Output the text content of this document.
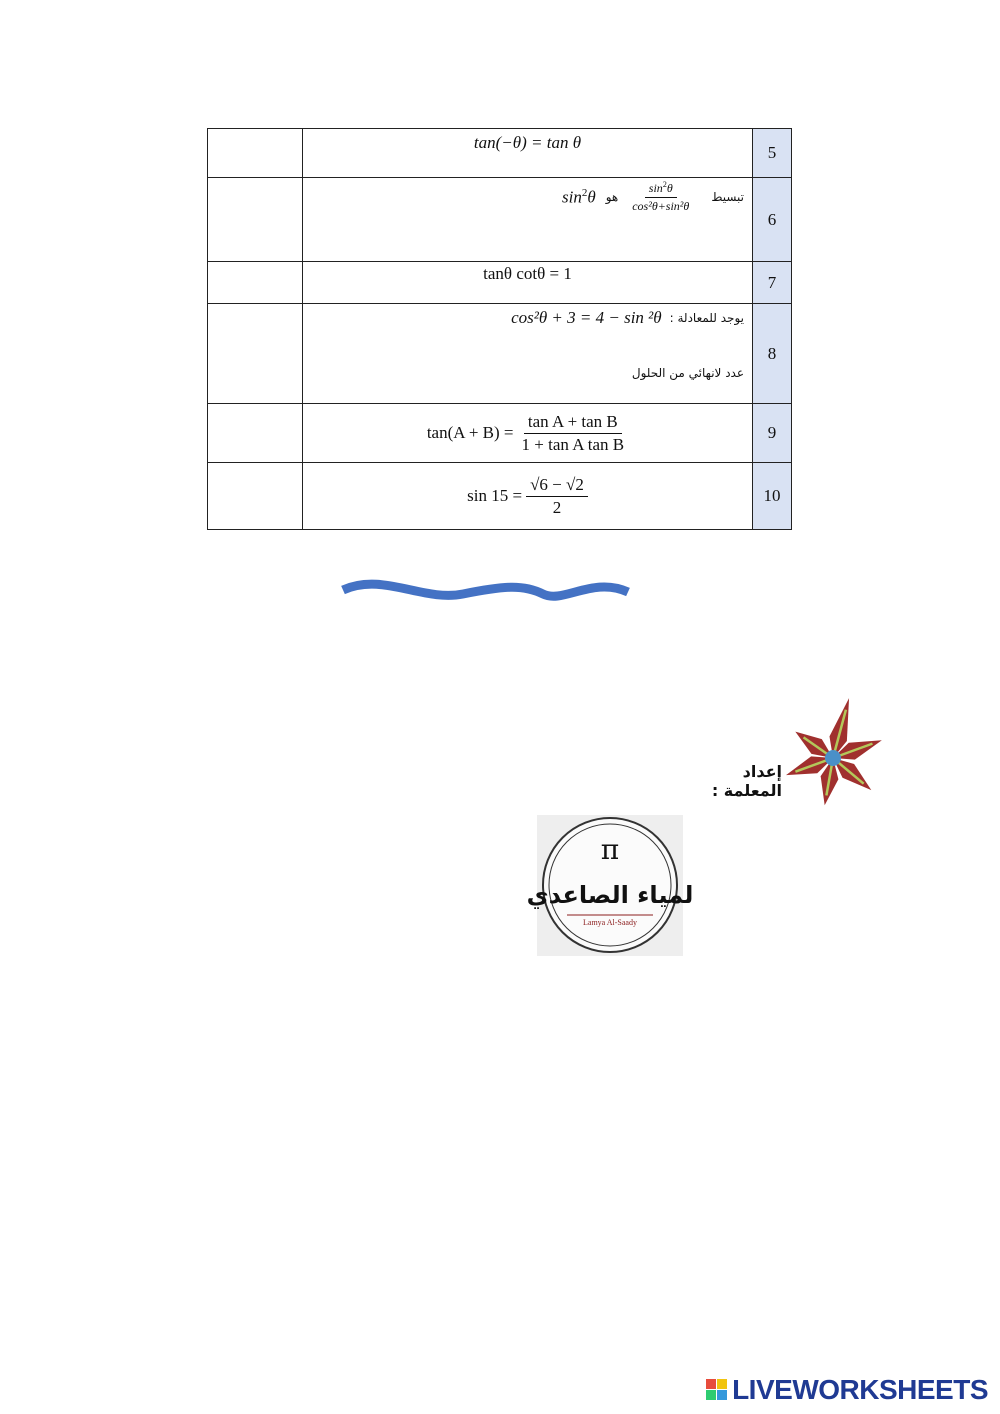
	tan(−θ) = tan θ	5

	$\sin^2\theta$ هو $\frac{\sin^2\theta}{\text{cos²θ+sin²θ}}$ تبسيط	6

	tanθ cotθ = 1	7

	cos²θ + 3 = 4 − sin ²θ يوجد للمعادلة :
عدد لانهائي من الحلول	8

	$\tan(A + B) = \frac{\text{tan A + tan B}}{\text{1 + tan A tan B}}$	9

	$\sin 15 = \frac{√6 - √2}{2}$	10
إعداد المعلمة :
π
لمياء الصاعدي
Lamya Al-Saady
LIVEWORKSHEETS
